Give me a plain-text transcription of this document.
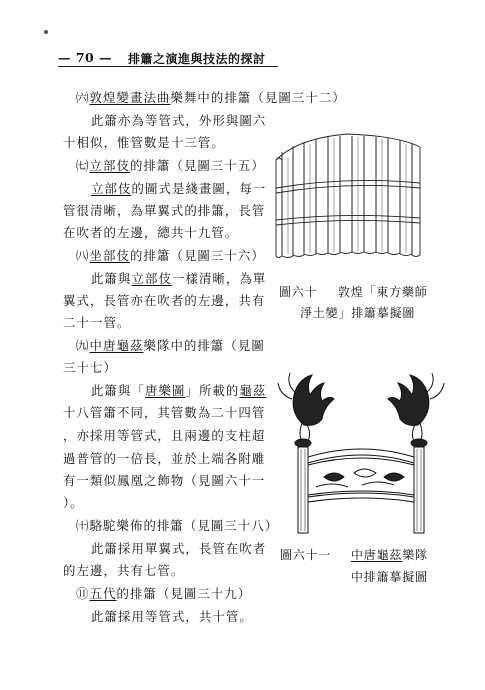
— 70 — 排簫之演進與技法的探討
㈥敦煌變畫法曲樂舞中的排簫（見圖三十二）
此簫亦為等管式，外形與圖六
十相似，惟管數是十三管。
㈦立部伎的排簫（見圖三十五）
立部伎的圖式是綫畫圖，每一
管很清晰，為單翼式的排簫，長管
在吹者的左邊，總共十九管。
㈧坐部伎的排簫（見圖三十六）
此簫與立部伎一樣清晰，為單
翼式，長管亦在吹者的左邊，共有
二十一管。
㈨中唐龜茲樂隊中的排簫（見圖
三十七）
此簫與「唐樂圖」所載的龜茲
十八管簫不同，其管數為二十四管
，亦採用等管式，且兩邊的支柱超
過普管的一倍長，並於上端各附雕
有一類似鳳凰之飾物（見圖六十一
）。
㈩駱駝樂佈的排簫（見圖三十八）
此簫採用單翼式，長管在吹者
的左邊，共有七管。
⑪五代的排簫（見圖三十九）
此簫採用等管式，共十管。
圖六十 敦煌「東方藥師
淨土變」排簫摹擬圖
圖六十一 中唐龜茲樂隊
中排簫摹擬圖
